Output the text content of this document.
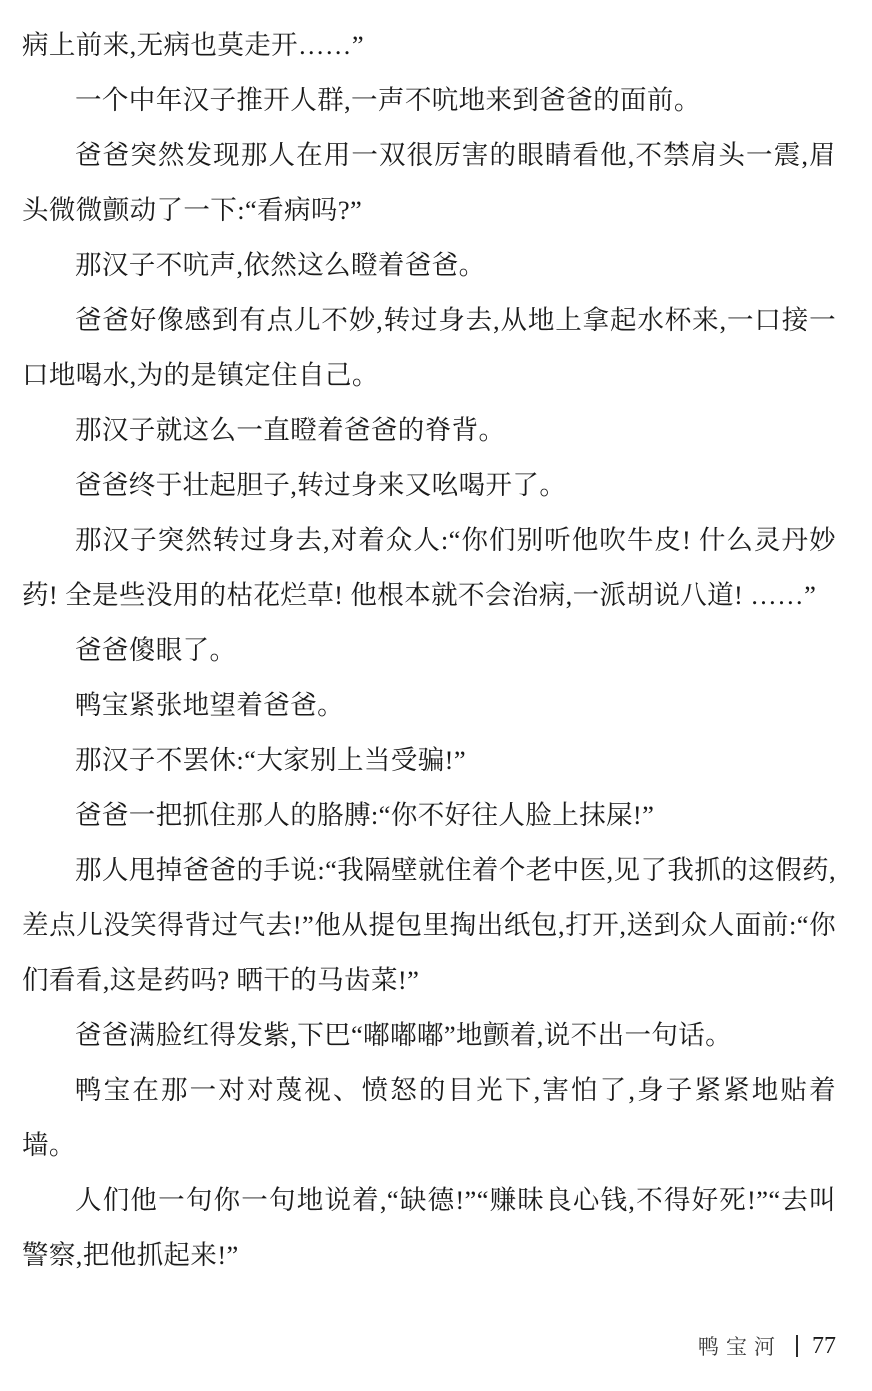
病上前来,无病也莫走开……”

一个中年汉子推开人群,一声不吭地来到爸爸的面前。

爸爸突然发现那人在用一双很厉害的眼睛看他,不禁肩头一震,眉头微微颤动了一下:“看病吗?”

那汉子不吭声,依然这么瞪着爸爸。

爸爸好像感到有点儿不妙,转过身去,从地上拿起水杯来,一口接一口地喝水,为的是镇定住自己。

那汉子就这么一直瞪着爸爸的脊背。

爸爸终于壮起胆子,转过身来又吆喝开了。

那汉子突然转过身去,对着众人:“你们别听他吹牛皮! 什么灵丹妙药! 全是些没用的枯花烂草! 他根本就不会治病,一派胡说八道! ……”

爸爸傻眼了。

鸭宝紧张地望着爸爸。

那汉子不罢休:“大家别上当受骗!”

爸爸一把抓住那人的胳膊:“你不好往人脸上抹屎!”

那人甩掉爸爸的手说:“我隔壁就住着个老中医,见了我抓的这假药,差点儿没笑得背过气去!”他从提包里掏出纸包,打开,送到众人面前:“你们看看,这是药吗? 晒干的马齿菜!”

爸爸满脸红得发紫,下巴“嘟嘟嘟”地颤着,说不出一句话。

鸭宝在那一对对蔑视、愤怒的目光下,害怕了,身子紧紧地贴着墙。

人们他一句你一句地说着,“缺德!”“赚昧良心钱,不得好死!”“去叫警察,把他抓起来!”

鸭宝河 77
